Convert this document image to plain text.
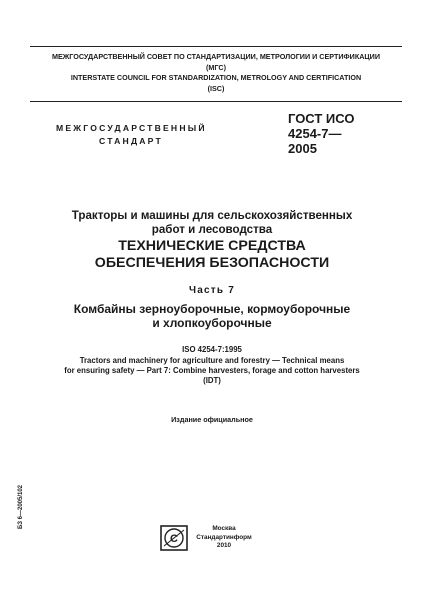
МЕЖГОСУДАРСТВЕННЫЙ СОВЕТ ПО СТАНДАРТИЗАЦИИ, МЕТРОЛОГИИ И СЕРТИФИКАЦИИ
(МГС)
INTERSTATE COUNCIL FOR STANDARDIZATION, METROLOGY AND CERTIFICATION
(ISC)
МЕЖГОСУДАРСТВЕННЫЙ
СТАНДАРТ
ГОСТ ИСО
4254-7—
2005
Тракторы и машины для сельскохозяйственных
работ и лесоводства
ТЕХНИЧЕСКИЕ СРЕДСТВА
ОБЕСПЕЧЕНИЯ БЕЗОПАСНОСТИ
Часть 7
Комбайны зерноуборочные, кормоуборочные
и хлопкоуборочные
ISO 4254-7:1995
Tractors and machinery for agriculture and forestry — Technical means
for ensuring safety — Part 7: Combine harvesters, forage and cotton harvesters
(IDT)
Издание официальное
БЗ 6—2005/102
С
Москва
Стандартинформ
2010
